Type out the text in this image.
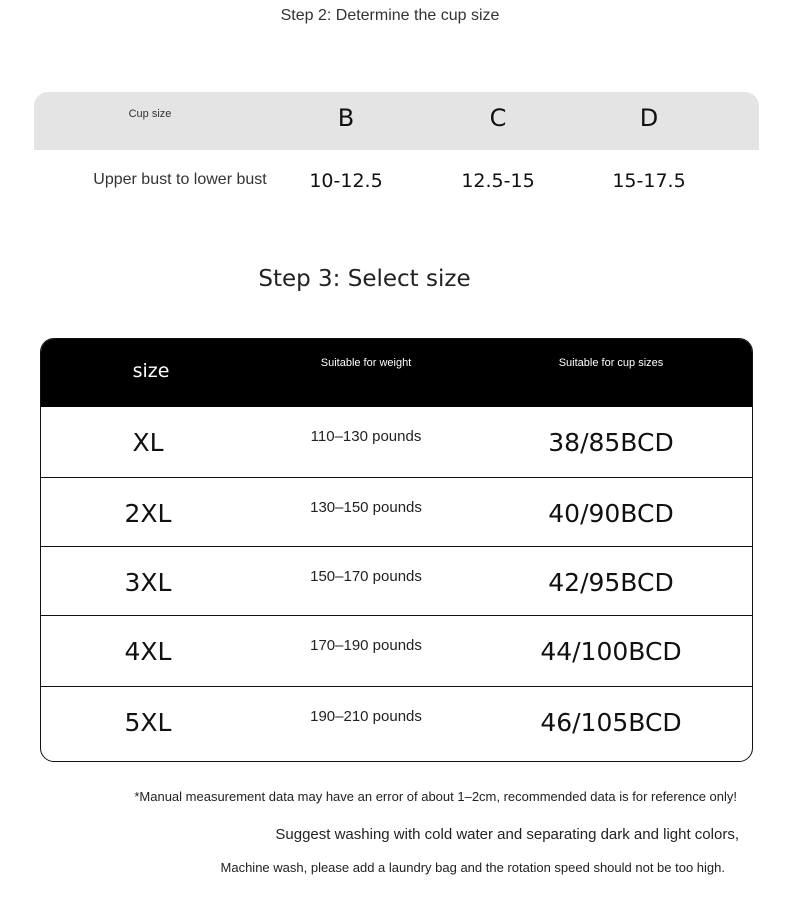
Step 2: Determine the cup size
Cup size	B	C	D
Upper bust to lower bust	10-12.5	12.5-15	15-17.5
Step 3: Select size
size	Suitable for weight	Suitable for cup sizes
XL	110–130 pounds	38/85BCD
2XL	130–150 pounds	40/90BCD
3XL	150–170 pounds	42/95BCD
4XL	170–190 pounds	44/100BCD
5XL	190–210 pounds	46/105BCD
*Manual measurement data may have an error of about 1–2cm, recommended data is for reference only!
Suggest washing with cold water and separating dark and light colors,
Machine wash, please add a laundry bag and the rotation speed should not be too high.
